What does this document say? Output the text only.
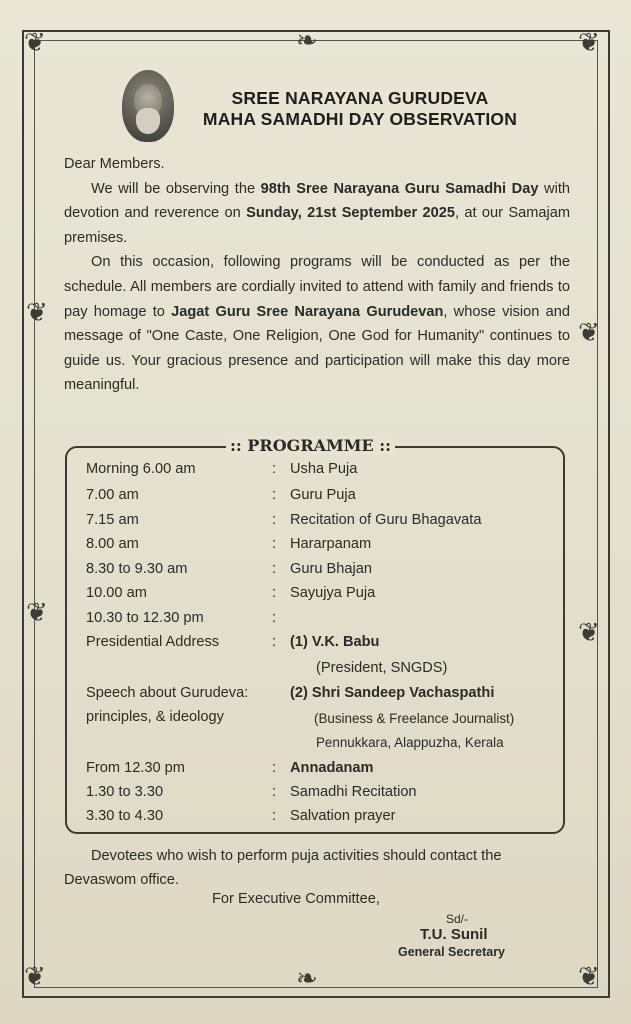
❦	❦
❦	❦
❧
❧
❦
❦
❦
❦
SREE NARAYANA GURUDEVA
MAHA SAMADHI DAY OBSERVATION

Dear Members.

We will be observing the 98th Sree Narayana Guru Samadhi Day with devotion and reverence on Sunday, 21st September 2025, at our Samajam premises.

On this occasion, following programs will be conducted as per the schedule. All members are cordially invited to attend with family and friends to pay homage to Jagat Guru Sree Narayana Gurudevan, whose vision and message of "One Caste, One Religion, One God for Humanity" continues to guide us. Your gracious presence and participation will make this day more meaningful.

:: PROGRAMME ::
Morning 6.00 am	: Usha Puja
7.00 am	: Guru Puja
7.15 am	: Recitation of Guru Bhagavata
8.00 am	: Hararpanam
8.30 to 9.30 am	: Guru Bhajan
10.00 am	: Sayujya Puja
10.30 to 12.30 pm	:
Presidential Address	: (1) V.K. Babu
(President, SNGDS)
Speech about Gurudeva:	(2) Shri Sandeep Vachaspathi
principles, & ideology	(Business & Freelance Journalist)
Pennukkara, Alappuzha, Kerala
From 12.30 pm	: Annadanam
1.30 to 3.30	: Samadhi Recitation
3.30 to 4.30	: Salvation prayer

Devotees who wish to perform puja activities should contact the Devaswom office.

For Executive Committee,
Sd/-
T.U. Sunil
General Secretary
